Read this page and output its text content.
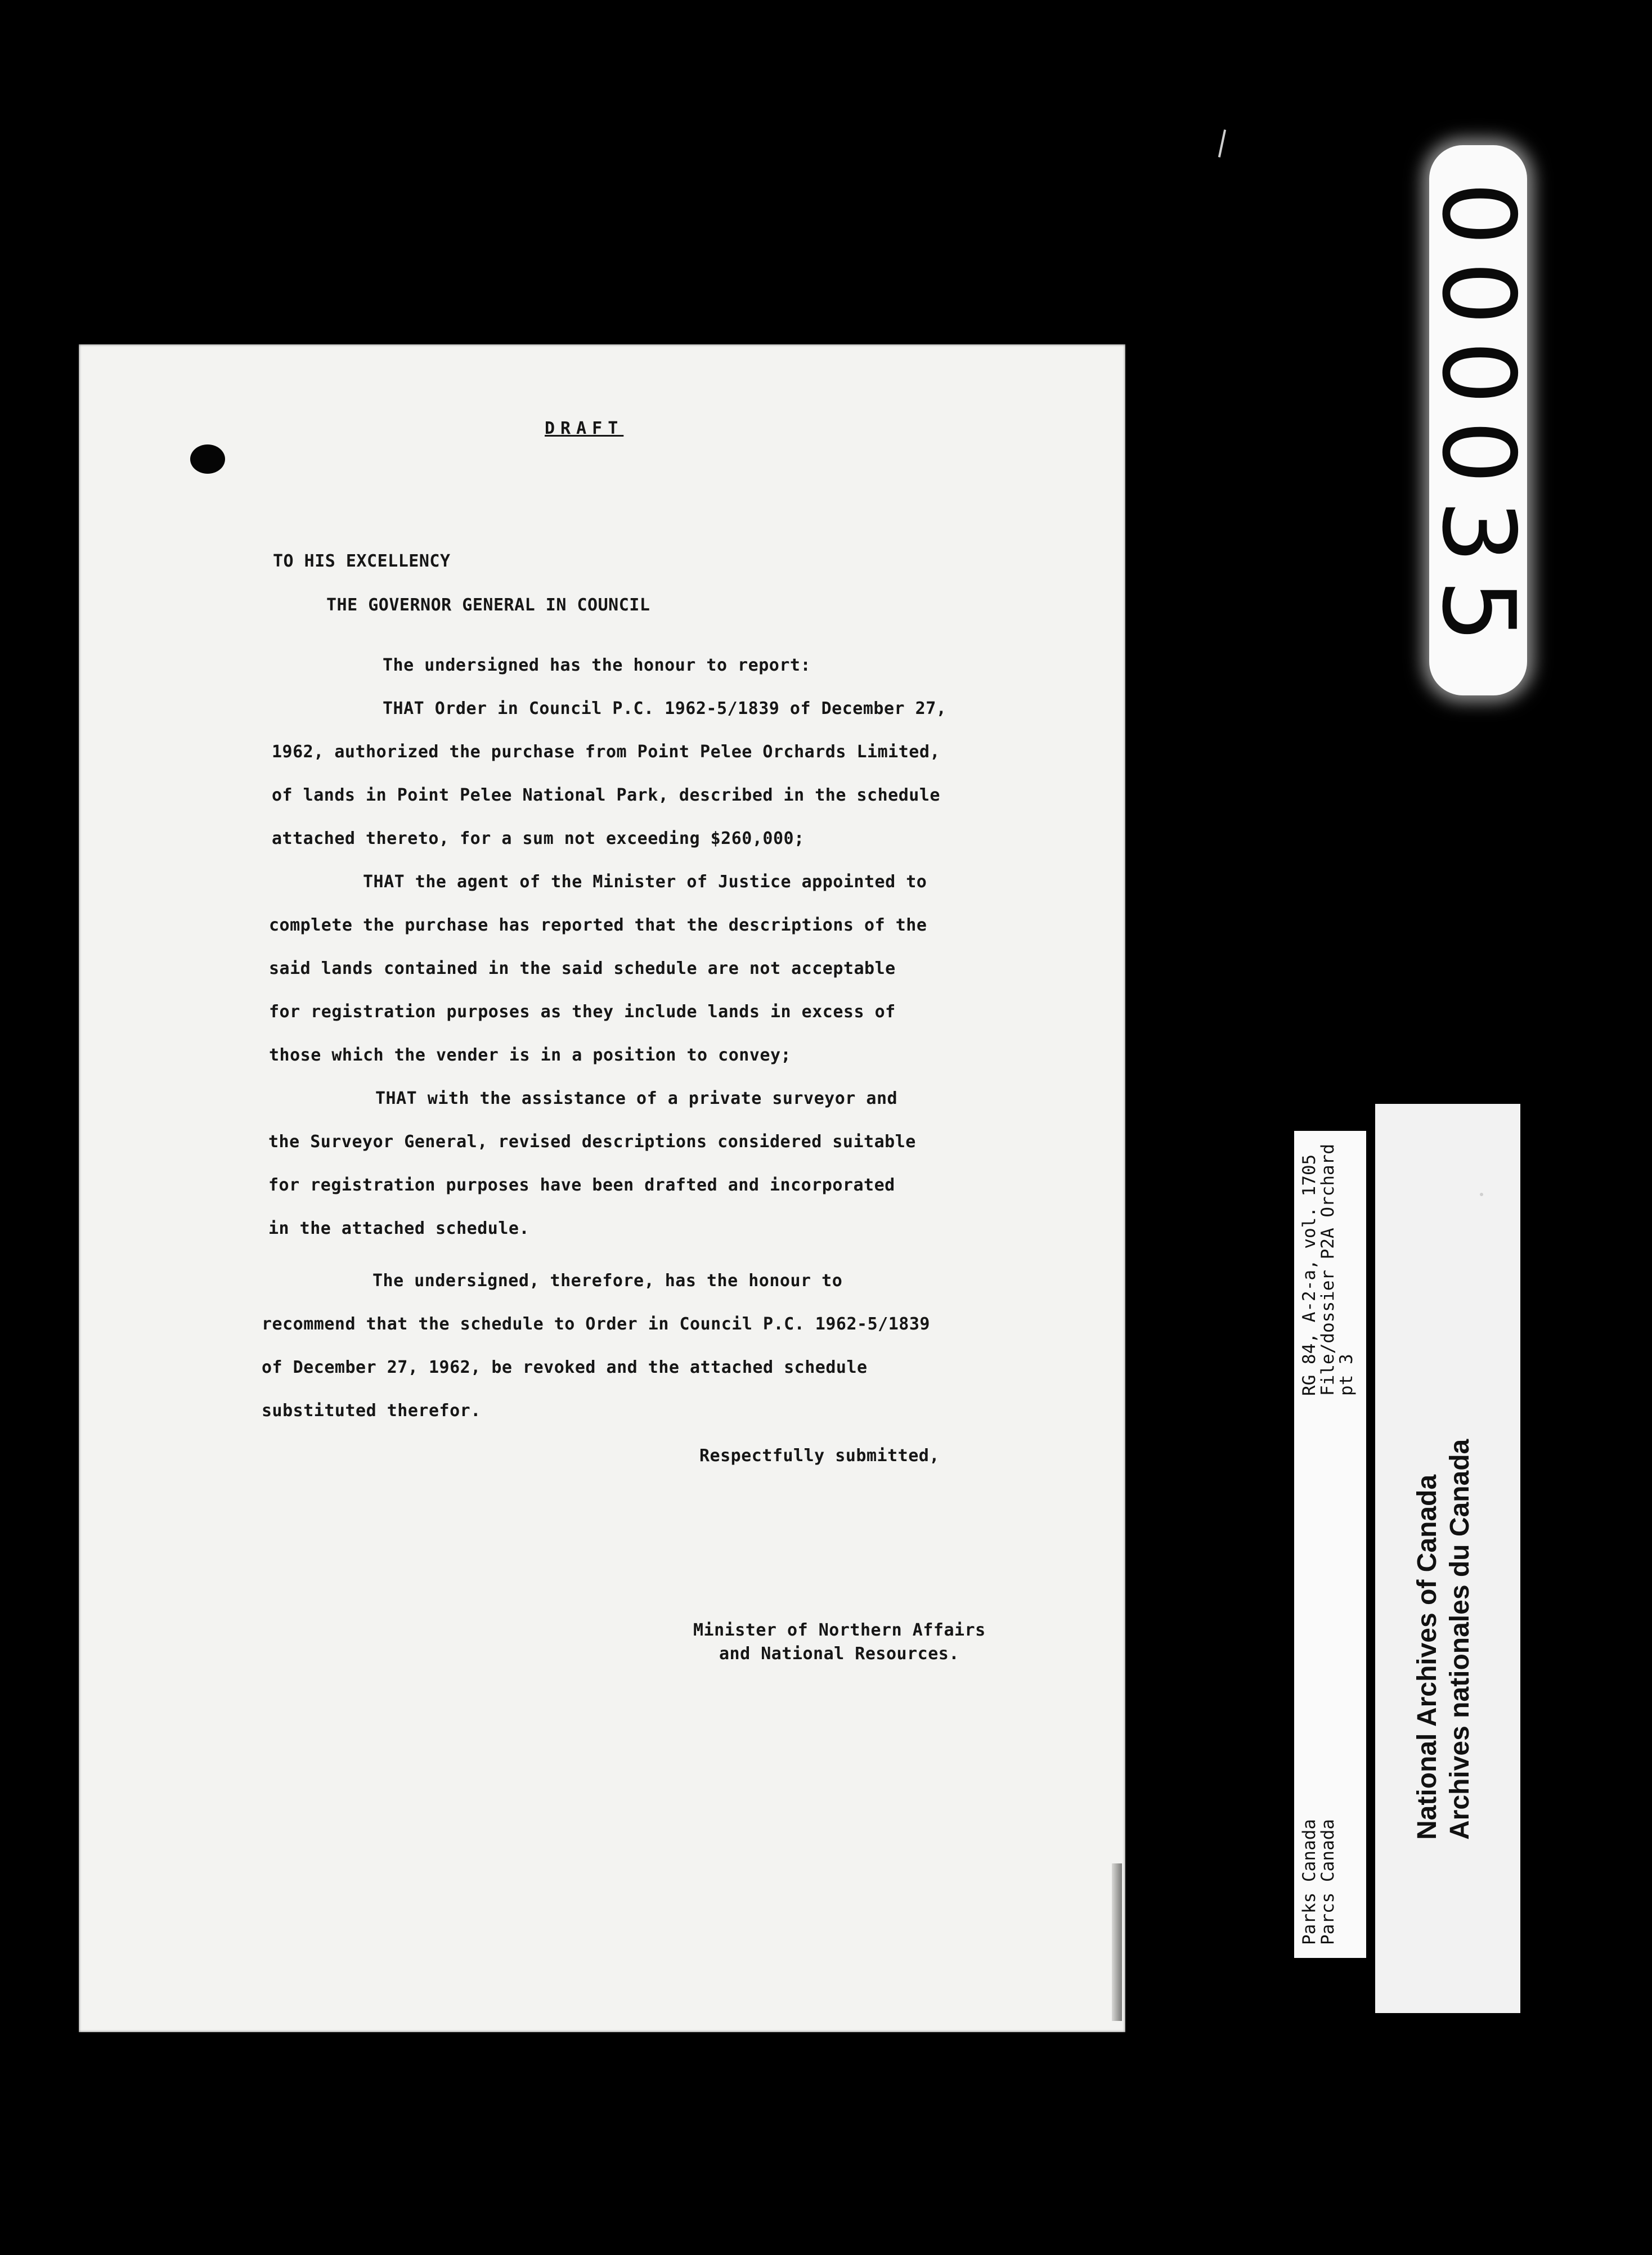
DRAFT
TO HIS EXCELLENCY
THE GOVERNOR GENERAL IN COUNCIL
The undersigned has the honour to report:
THAT Order in Council P.C. 1962-5/1839 of December 27,
1962, authorized the purchase from Point Pelee Orchards Limited,
of lands in Point Pelee National Park, described in the schedule
attached thereto, for a sum not exceeding $260,000;
THAT the agent of the Minister of Justice appointed to
complete the purchase has reported that the descriptions of the
said lands contained in the said schedule are not acceptable
for registration purposes as they include lands in excess of
those which the vender is in a position to convey;
THAT with the assistance of a private surveyor and
the Surveyor General, revised descriptions considered suitable
for registration purposes have been drafted and incorporated
in the attached schedule.
The undersigned, therefore, has the honour to
recommend that the schedule to Order in Council P.C. 1962-5/1839
of December 27, 1962, be revoked and the attached schedule
substituted therefor.
Respectfully submitted,
Minister of Northern Affairs
and National Resources.
000035
Parks Canada
Parcs Canada
RG 84, A-2-a, vol. 1705
File/dossier P2A Orchard
pt 3
National Archives of Canada Archives nationales du Canada
